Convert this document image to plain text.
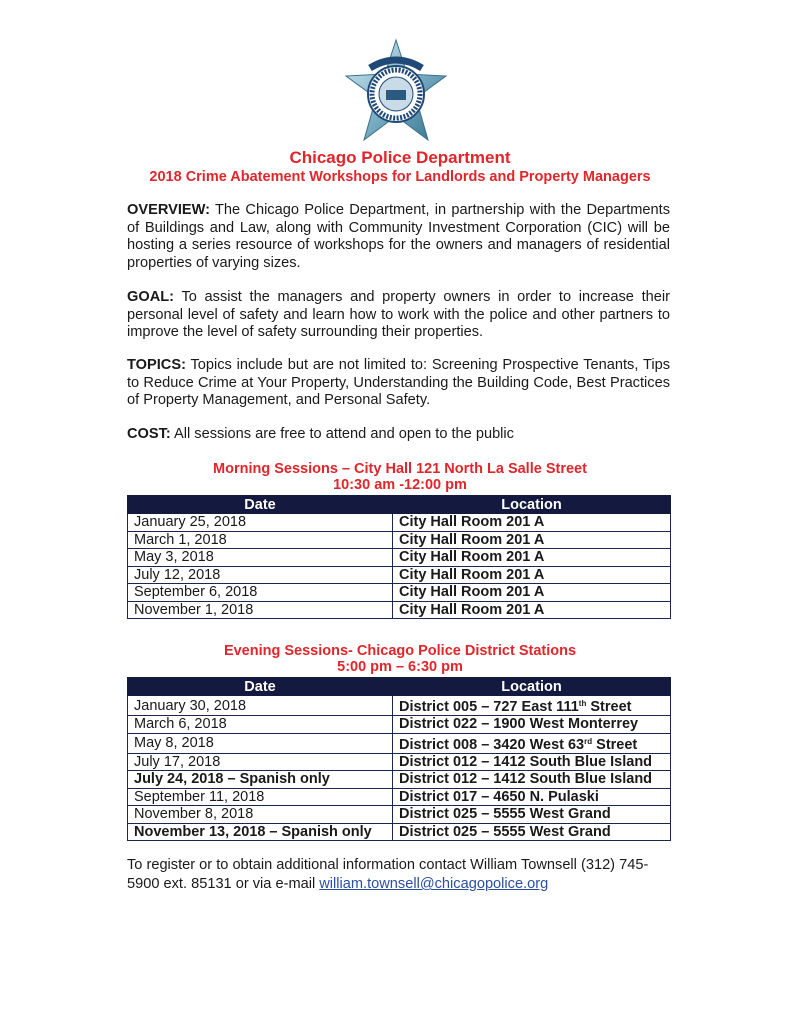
Chicago Police Department
2018 Crime Abatement Workshops for Landlords and Property Managers
OVERVIEW: The Chicago Police Department, in partnership with the Departments of Buildings and Law, along with Community Investment Corporation (CIC) will be hosting a series resource of workshops for the owners and managers of residential properties of varying sizes.
GOAL: To assist the managers and property owners in order to increase their personal level of safety and learn how to work with the police and other partners to improve the level of safety surrounding their properties.
TOPICS: Topics include but are not limited to: Screening Prospective Tenants, Tips to Reduce Crime at Your Property, Understanding the Building Code, Best Practices of Property Management, and Personal Safety.
COST: All sessions are free to attend and open to the public
Morning Sessions – City Hall 121 North La Salle Street
10:30 am -12:00 pm
Date	Location
January 25, 2018	City Hall Room 201 A
March 1, 2018	City Hall Room 201 A
May 3, 2018	City Hall Room 201 A
July 12, 2018	City Hall Room 201 A
September 6, 2018	City Hall Room 201 A
November 1, 2018	City Hall Room 201 A
Evening Sessions- Chicago Police District Stations
5:00 pm – 6:30 pm
Date	Location
January 30, 2018	District 005 – 727 East 111th Street
March 6, 2018	District 022 – 1900 West Monterrey
May 8, 2018	District 008 – 3420 West 63rd Street
July 17, 2018	District 012 – 1412 South Blue Island
July 24, 2018 – Spanish only	District 012 – 1412 South Blue Island
September 11, 2018	District 017 – 4650 N. Pulaski
November 8, 2018	District 025 – 5555 West Grand
November 13, 2018 – Spanish only	District 025 – 5555 West Grand
To register or to obtain additional information contact William Townsell (312) 745-5900 ext. 85131 or via e-mail william.townsell@chicagopolice.org
